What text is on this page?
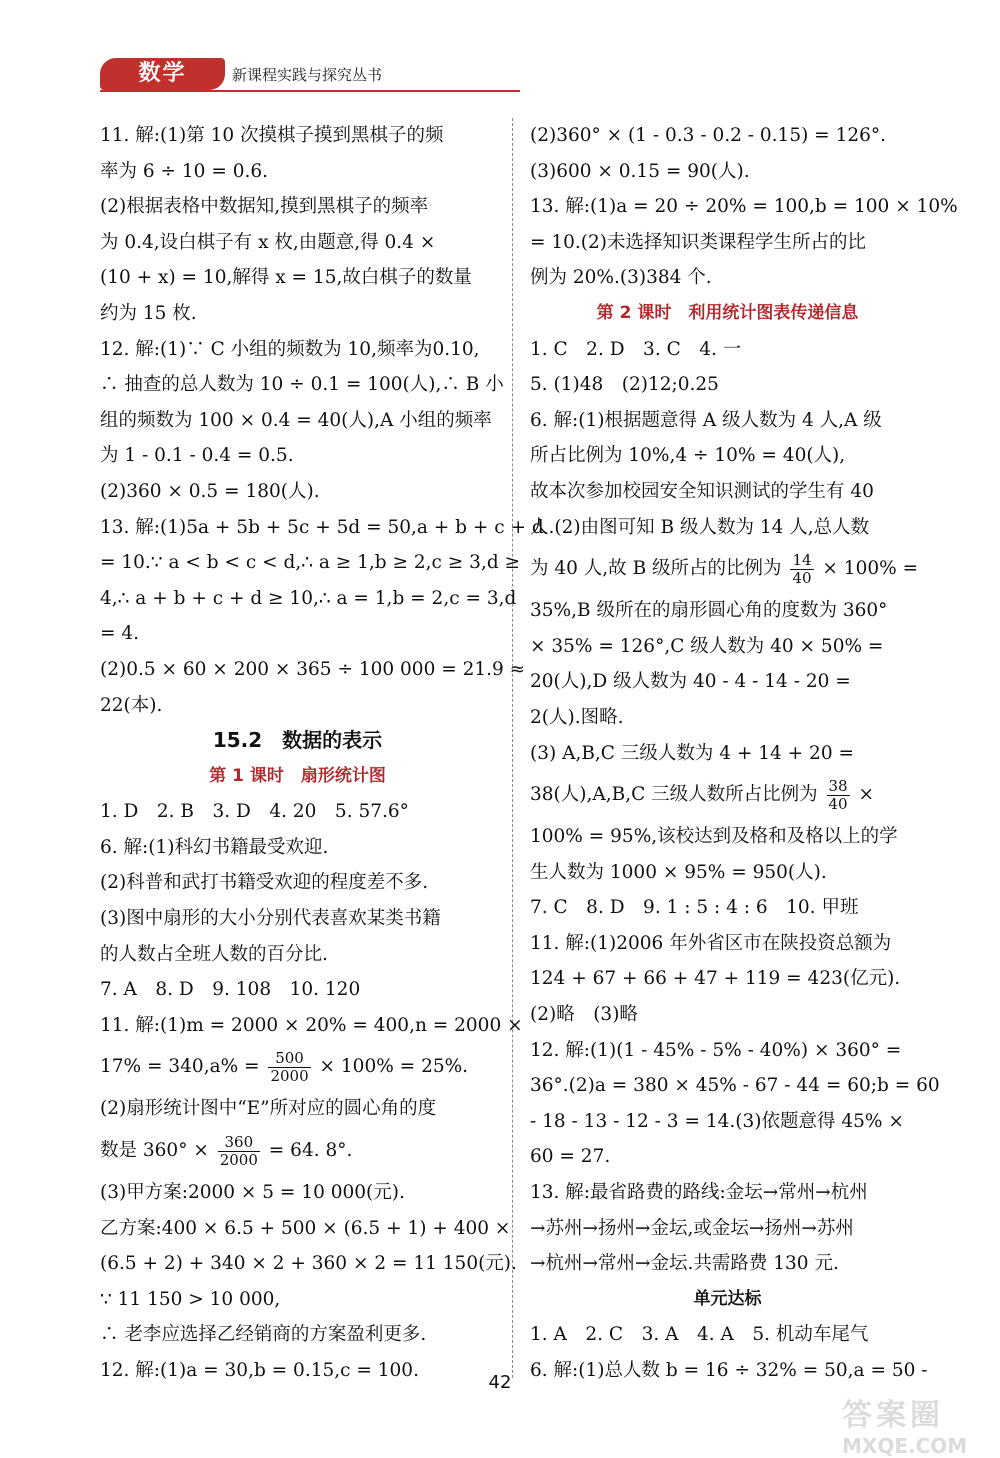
数学	新课程实践与探究丛书
11. 解:(1)第 10 次摸棋子摸到黑棋子的频
率为 6 ÷ 10 = 0.6.
(2)根据表格中数据知,摸到黑棋子的频率
为 0.4,设白棋子有 x 枚,由题意,得 0.4 ×
(10 + x) = 10,解得 x = 15,故白棋子的数量
约为 15 枚.
12. 解:(1)∵ C 小组的频数为 10,频率为0.10,
∴ 抽查的总人数为 10 ÷ 0.1 = 100(人),∴ B 小
组的频数为 100 × 0.4 = 40(人),A 小组的频率
为 1 - 0.1 - 0.4 = 0.5.
(2)360 × 0.5 = 180(人).
13. 解:(1)5a + 5b + 5c + 5d = 50,a + b + c + d
= 10.∵ a < b < c < d,∴ a ≥ 1,b ≥ 2,c ≥ 3,d ≥
4,∴ a + b + c + d ≥ 10,∴ a = 1,b = 2,c = 3,d
= 4.
(2)0.5 × 60 × 200 × 365 ÷ 100 000 = 21.9 ≈
22(本).
15.2　数据的表示
第 1 课时　扇形统计图
1. D　2. B　3. D　4. 20　5. 57.6°
6. 解:(1)科幻书籍最受欢迎.
(2)科普和武打书籍受欢迎的程度差不多.
(3)图中扇形的大小分别代表喜欢某类书籍
的人数占全班人数的百分比.
7. A　8. D　9. 108　10. 120
11. 解:(1)m = 2000 × 20% = 400,n = 2000 ×
$17\% = 340,a\% = \frac{500}{2000} \times 100\% = 25\%$.
(2)扇形统计图中“E”所对应的圆心角的度
数是 $360^\circ \times \frac{360}{2000} = 64$. 8°.
(3)甲方案:2000 × 5 = 10 000(元).
乙方案:400 × 6.5 + 500 × (6.5 + 1) + 400 ×
(6.5 + 2) + 340 × 2 + 360 × 2 = 11 150(元).
∵ 11 150 > 10 000,
∴ 老李应选择乙经销商的方案盈利更多.
12. 解:(1)a = 30,b = 0.15,c = 100.
(2)360° × (1 - 0.3 - 0.2 - 0.15) = 126°.
(3)600 × 0.15 = 90(人).
13. 解:(1)a = 20 ÷ 20% = 100,b = 100 × 10%
= 10.(2)未选择知识类课程学生所占的比
例为 20%.(3)384 个.
第 2 课时　利用统计图表传递信息
1. C　2. D　3. C　4. 一
5. (1)48　(2)12;0.25
6. 解:(1)根据题意得 A 级人数为 4 人,A 级
所占比例为 10%,4 ÷ 10% = 40(人),
故本次参加校园安全知识测试的学生有 40
人.(2)由图可知 B 级人数为 14 人,总人数
为 40 人,故 B 级所占的比例为 $\frac{14}{40} \times 100\%$ =
35%,B 级所在的扇形圆心角的度数为 360°
× 35% = 126°,C 级人数为 40 × 50% =
20(人),D 级人数为 40 - 4 - 14 - 20 =
2(人).图略.
(3) A,B,C 三级人数为 4 + 14 + 20 =
38(人),A,B,C 三级人数所占比例为 $\frac{38}{40}$ ×
100% = 95%,该校达到及格和及格以上的学
生人数为 1000 × 95% = 950(人).
7. C　8. D　9. 1 : 5 : 4 : 6　10. 甲班
11. 解:(1)2006 年外省区市在陕投资总额为
124 + 67 + 66 + 47 + 119 = 423(亿元).
(2)略　(3)略
12. 解:(1)(1 - 45% - 5% - 40%) × 360° =
36°.(2)a = 380 × 45% - 67 - 44 = 60;b = 60
- 18 - 13 - 12 - 3 = 14.(3)依题意得 45% ×
60 = 27.
13. 解:最省路费的路线:金坛→常州→杭州
→苏州→扬州→金坛,或金坛→扬州→苏州
→杭州→常州→金坛.共需路费 130 元.
单元达标
1. A　2. C　3. A　4. A　5. 机动车尾气
6. 解:(1)总人数 b = 16 ÷ 32% = 50,a = 50 -
42
答案圈
MXQE.COM
